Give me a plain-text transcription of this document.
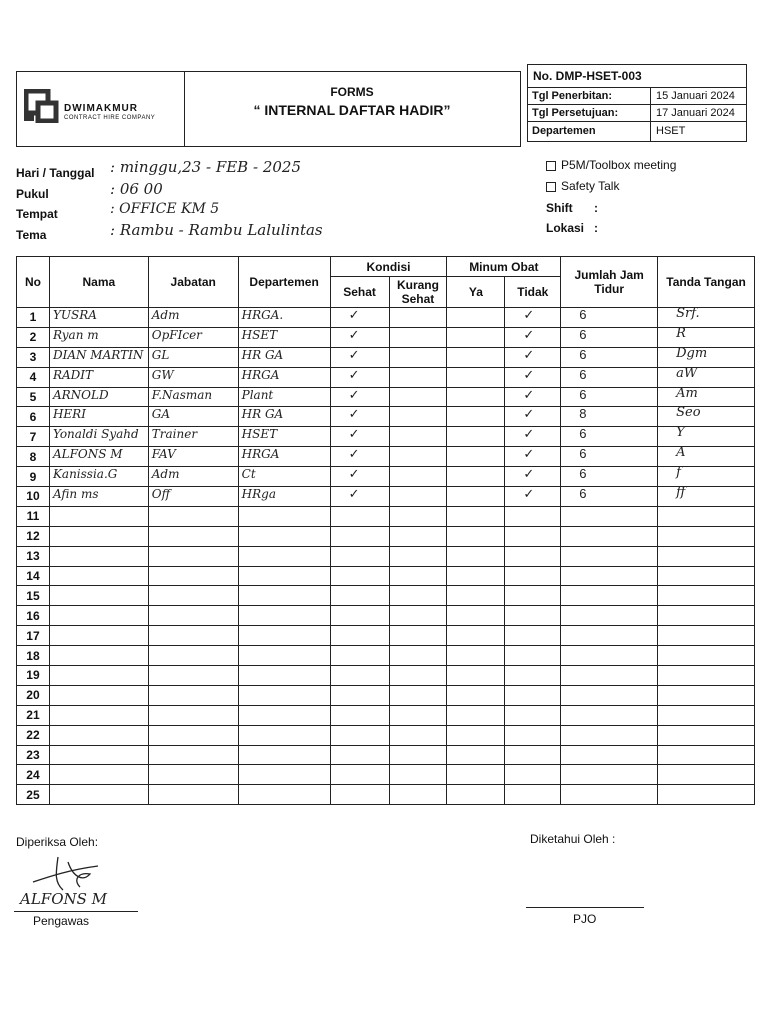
DWIMAKMUR
CONTRACT HIRE COMPANY
FORMS
“ INTERNAL DAFTAR HADIR”
No. DMP-HSET-003
Tgl Penerbitan:	15 Januari 2024
Tgl Persetujuan:	17 Januari 2024
Departemen	HSET
Hari / Tanggal : minggu,23 - FEB - 2025
Pukul	: 06 00
Tempat	: OFFICE KM 5
Tema	: Rambu - Rambu Lalulintas
P5M/Toolbox meeting
Safety Talk
Shift :
Lokasi :
No	Nama	Jabatan	Departemen	Kondisi		Minum Obat		Jumlah Jam Tidur	Tanda Tangan
				Sehat	Kurang Sehat	Ya	Tidak		
1	YUSRA	Adm	HRGA.	✓			✓	6	Srf.

2	Ryan m	OpFIcer	HSET	✓			✓	6	R

3	DIAN MARTIN	GL	HR GA	✓			✓	6	Dgm

4	RADIT	GW	HRGA	✓			✓	6	aW

5	ARNOLD	F.Nasman	Plant	✓			✓	6	Am

6	HERI	GA	HR GA	✓			✓	8	Seo

7	Yonaldi Syahd	Trainer	HSET	✓			✓	6	Y

8	ALFONS M	FAV	HRGA	✓			✓	6	A

9	Kanissia.G	Adm	Ct	✓			✓	6	f

10	Afin ms	Off	HRga	✓			✓	6	ff

11									
12									
13									
14									
15									
16									
17									
18									
19									
20									
21									
22									
23									
24									
25									
Diperiksa Oleh:
ALFONS M
Pengawas
Diketahui Oleh :
PJO
